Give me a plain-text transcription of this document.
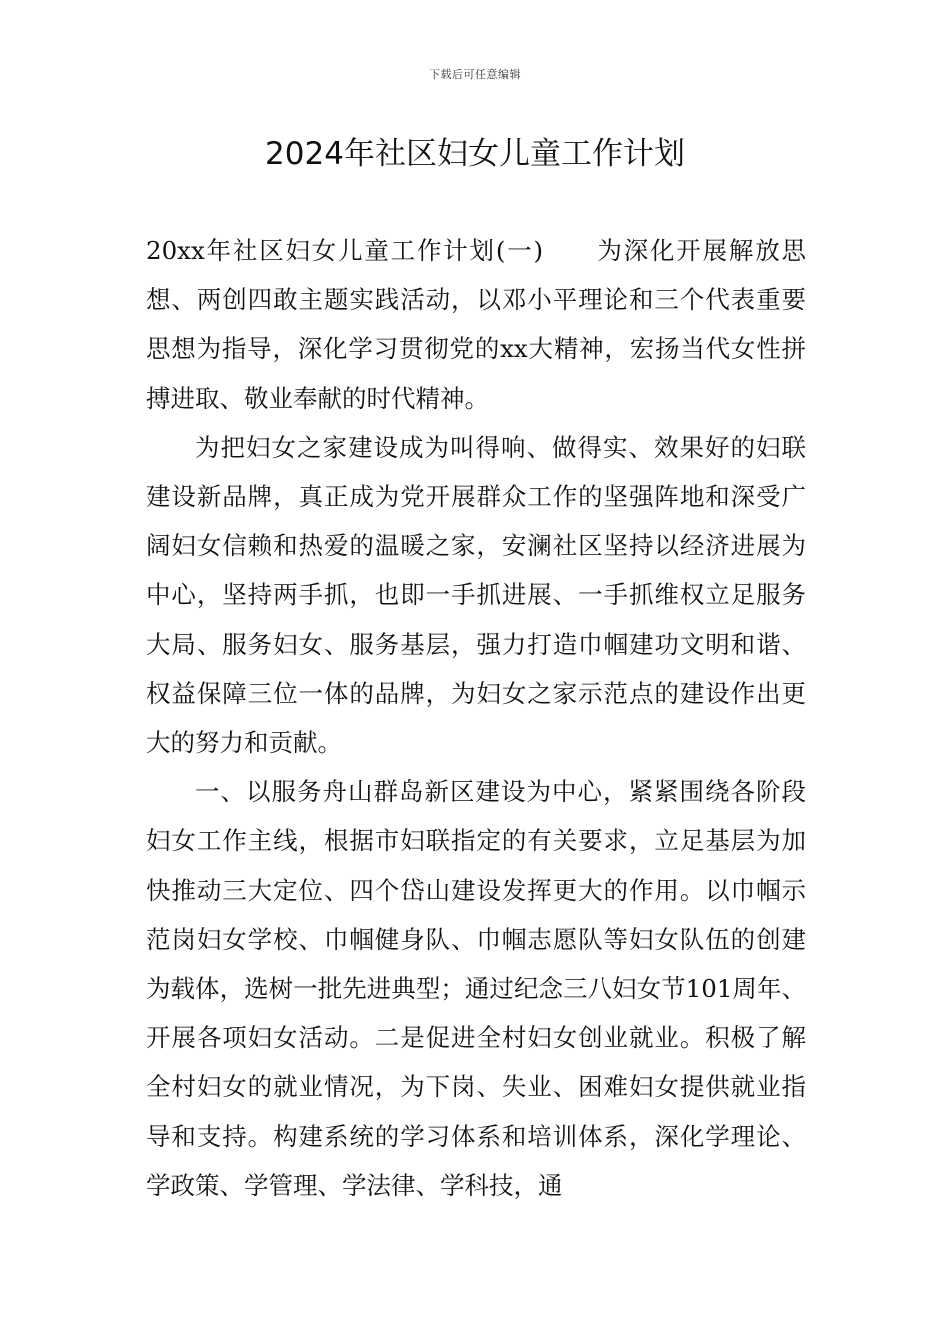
下载后可任意编辑
2024年社区妇女儿童工作计划

20xx年社区妇女儿童工作计划(一)　　为深化开展解放思想、两创四敢主题实践活动，以邓小平理论和三个代表重要思想为指导，深化学习贯彻党的xx大精神，宏扬当代女性拼搏进取、敬业奉献的时代精神。

为把妇女之家建设成为叫得响、做得实、效果好的妇联建设新品牌，真正成为党开展群众工作的坚强阵地和深受广阔妇女信赖和热爱的温暖之家，安澜社区坚持以经济进展为中心，坚持两手抓，也即一手抓进展、一手抓维权立足服务大局、服务妇女、服务基层，强力打造巾帼建功文明和谐、权益保障三位一体的品牌，为妇女之家示范点的建设作出更大的努力和贡献。

一、以服务舟山群岛新区建设为中心，紧紧围绕各阶段妇女工作主线，根据市妇联指定的有关要求，立足基层为加快推动三大定位、四个岱山建设发挥更大的作用。以巾帼示范岗妇女学校、巾帼健身队、巾帼志愿队等妇女队伍的创建为载体，选树一批先进典型；通过纪念三八妇女节101周年、开展各项妇女活动。二是促进全村妇女创业就业。积极了解全村妇女的就业情况，为下岗、失业、困难妇女提供就业指导和支持。构建系统的学习体系和培训体系，深化学理论、学政策、学管理、学法律、学科技，通
